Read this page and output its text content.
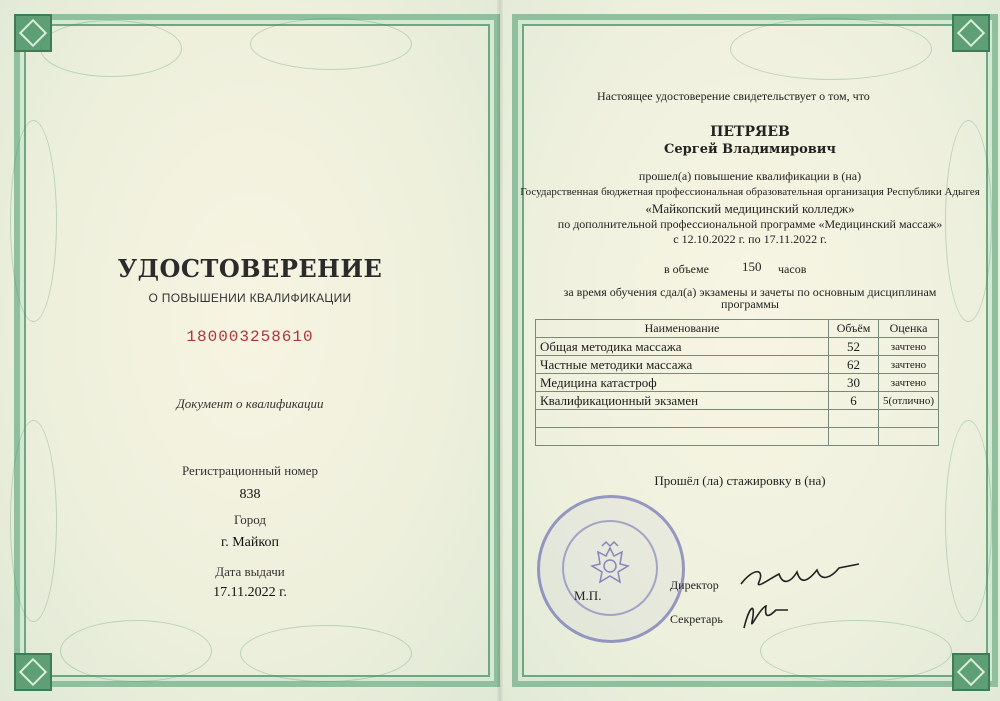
УДОСТОВЕРЕНИЕ
О ПОВЫШЕНИИ КВАЛИФИКАЦИИ
180003258610
Документ о квалификации
Регистрационный номер
838
Город
г. Майкоп
Дата выдачи
17.11.2022 г.
Настоящее удостоверение свидетельствует о том, что
ПЕТРЯЕВ
Сергей Владимирович
прошел(а) повышение квалификации в (на)
Государственная бюджетная профессиональная образовательная организация Республики Адыгея
«Майкопский медицинский колледж»
по дополнительной профессиональной программе «Медицинский массаж»
с 12.10.2022 г. по 17.11.2022 г.
в объеме	150 часов
за время обучения сдал(а) экзамены и зачеты по основным дисциплинам
программы
Наименование	Объём	Оценка
Общая методика массажа	52	зачтено
Частные методики массажа	62	зачтено
Медицина катастроф	30	зачтено
Квалификационный экзамен	6	5(отлично)

Прошёл (ла) стажировку в (на)
М.П.
Директор
Секретарь
